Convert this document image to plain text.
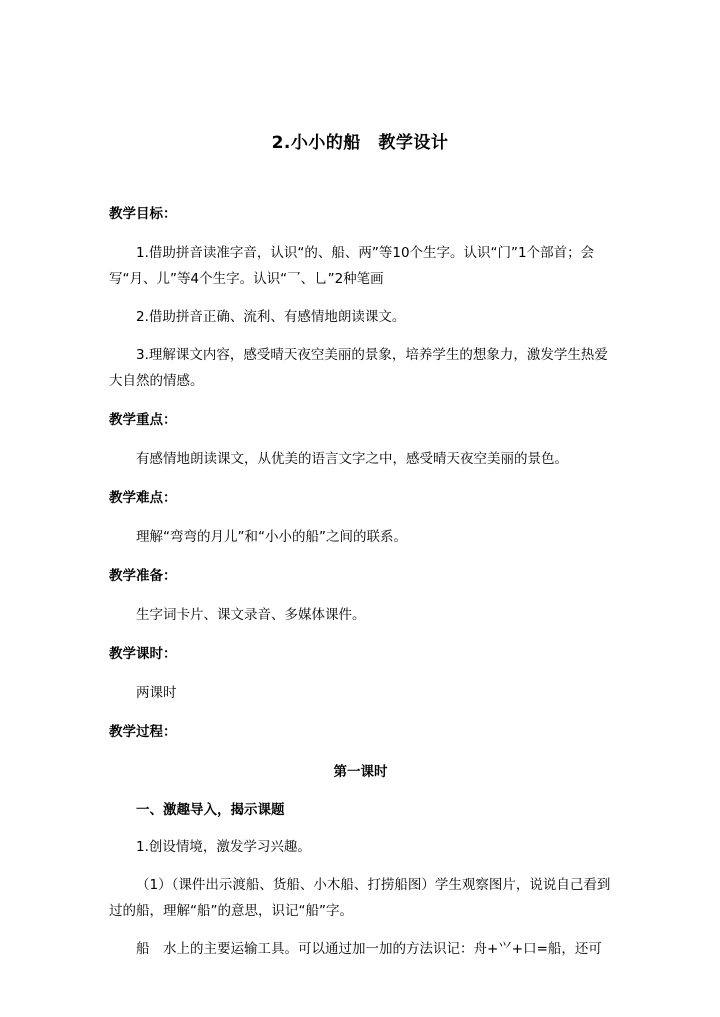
2.小小的船　教学设计
教学目标：
1.借助拼音读准字音，认识“的、船、两”等10个生字。认识“门”1个部首；会写“月、儿”等4个生字。认识“乛、乚”2种笔画
2.借助拼音正确、流利、有感情地朗读课文。
3.理解课文内容，感受晴天夜空美丽的景象，培养学生的想象力，激发学生热爱大自然的情感。
教学重点：
有感情地朗读课文，从优美的语言文字之中，感受晴天夜空美丽的景色。
教学难点：
理解“弯弯的月儿”和“小小的船”之间的联系。
教学准备：
生字词卡片、课文录音、多媒体课件。
教学课时：
两课时
教学过程：
第一课时
一、激趣导入，揭示课题
1.创设情境，激发学习兴趣。
（1）（课件出示渡船、货船、小木船、打捞船图）学生观察图片，说说自己看到过的船，理解“船”的意思，识记“船”字。
船　水上的主要运输工具。可以通过加一加的方法识记：舟+⺍+口=船，还可
